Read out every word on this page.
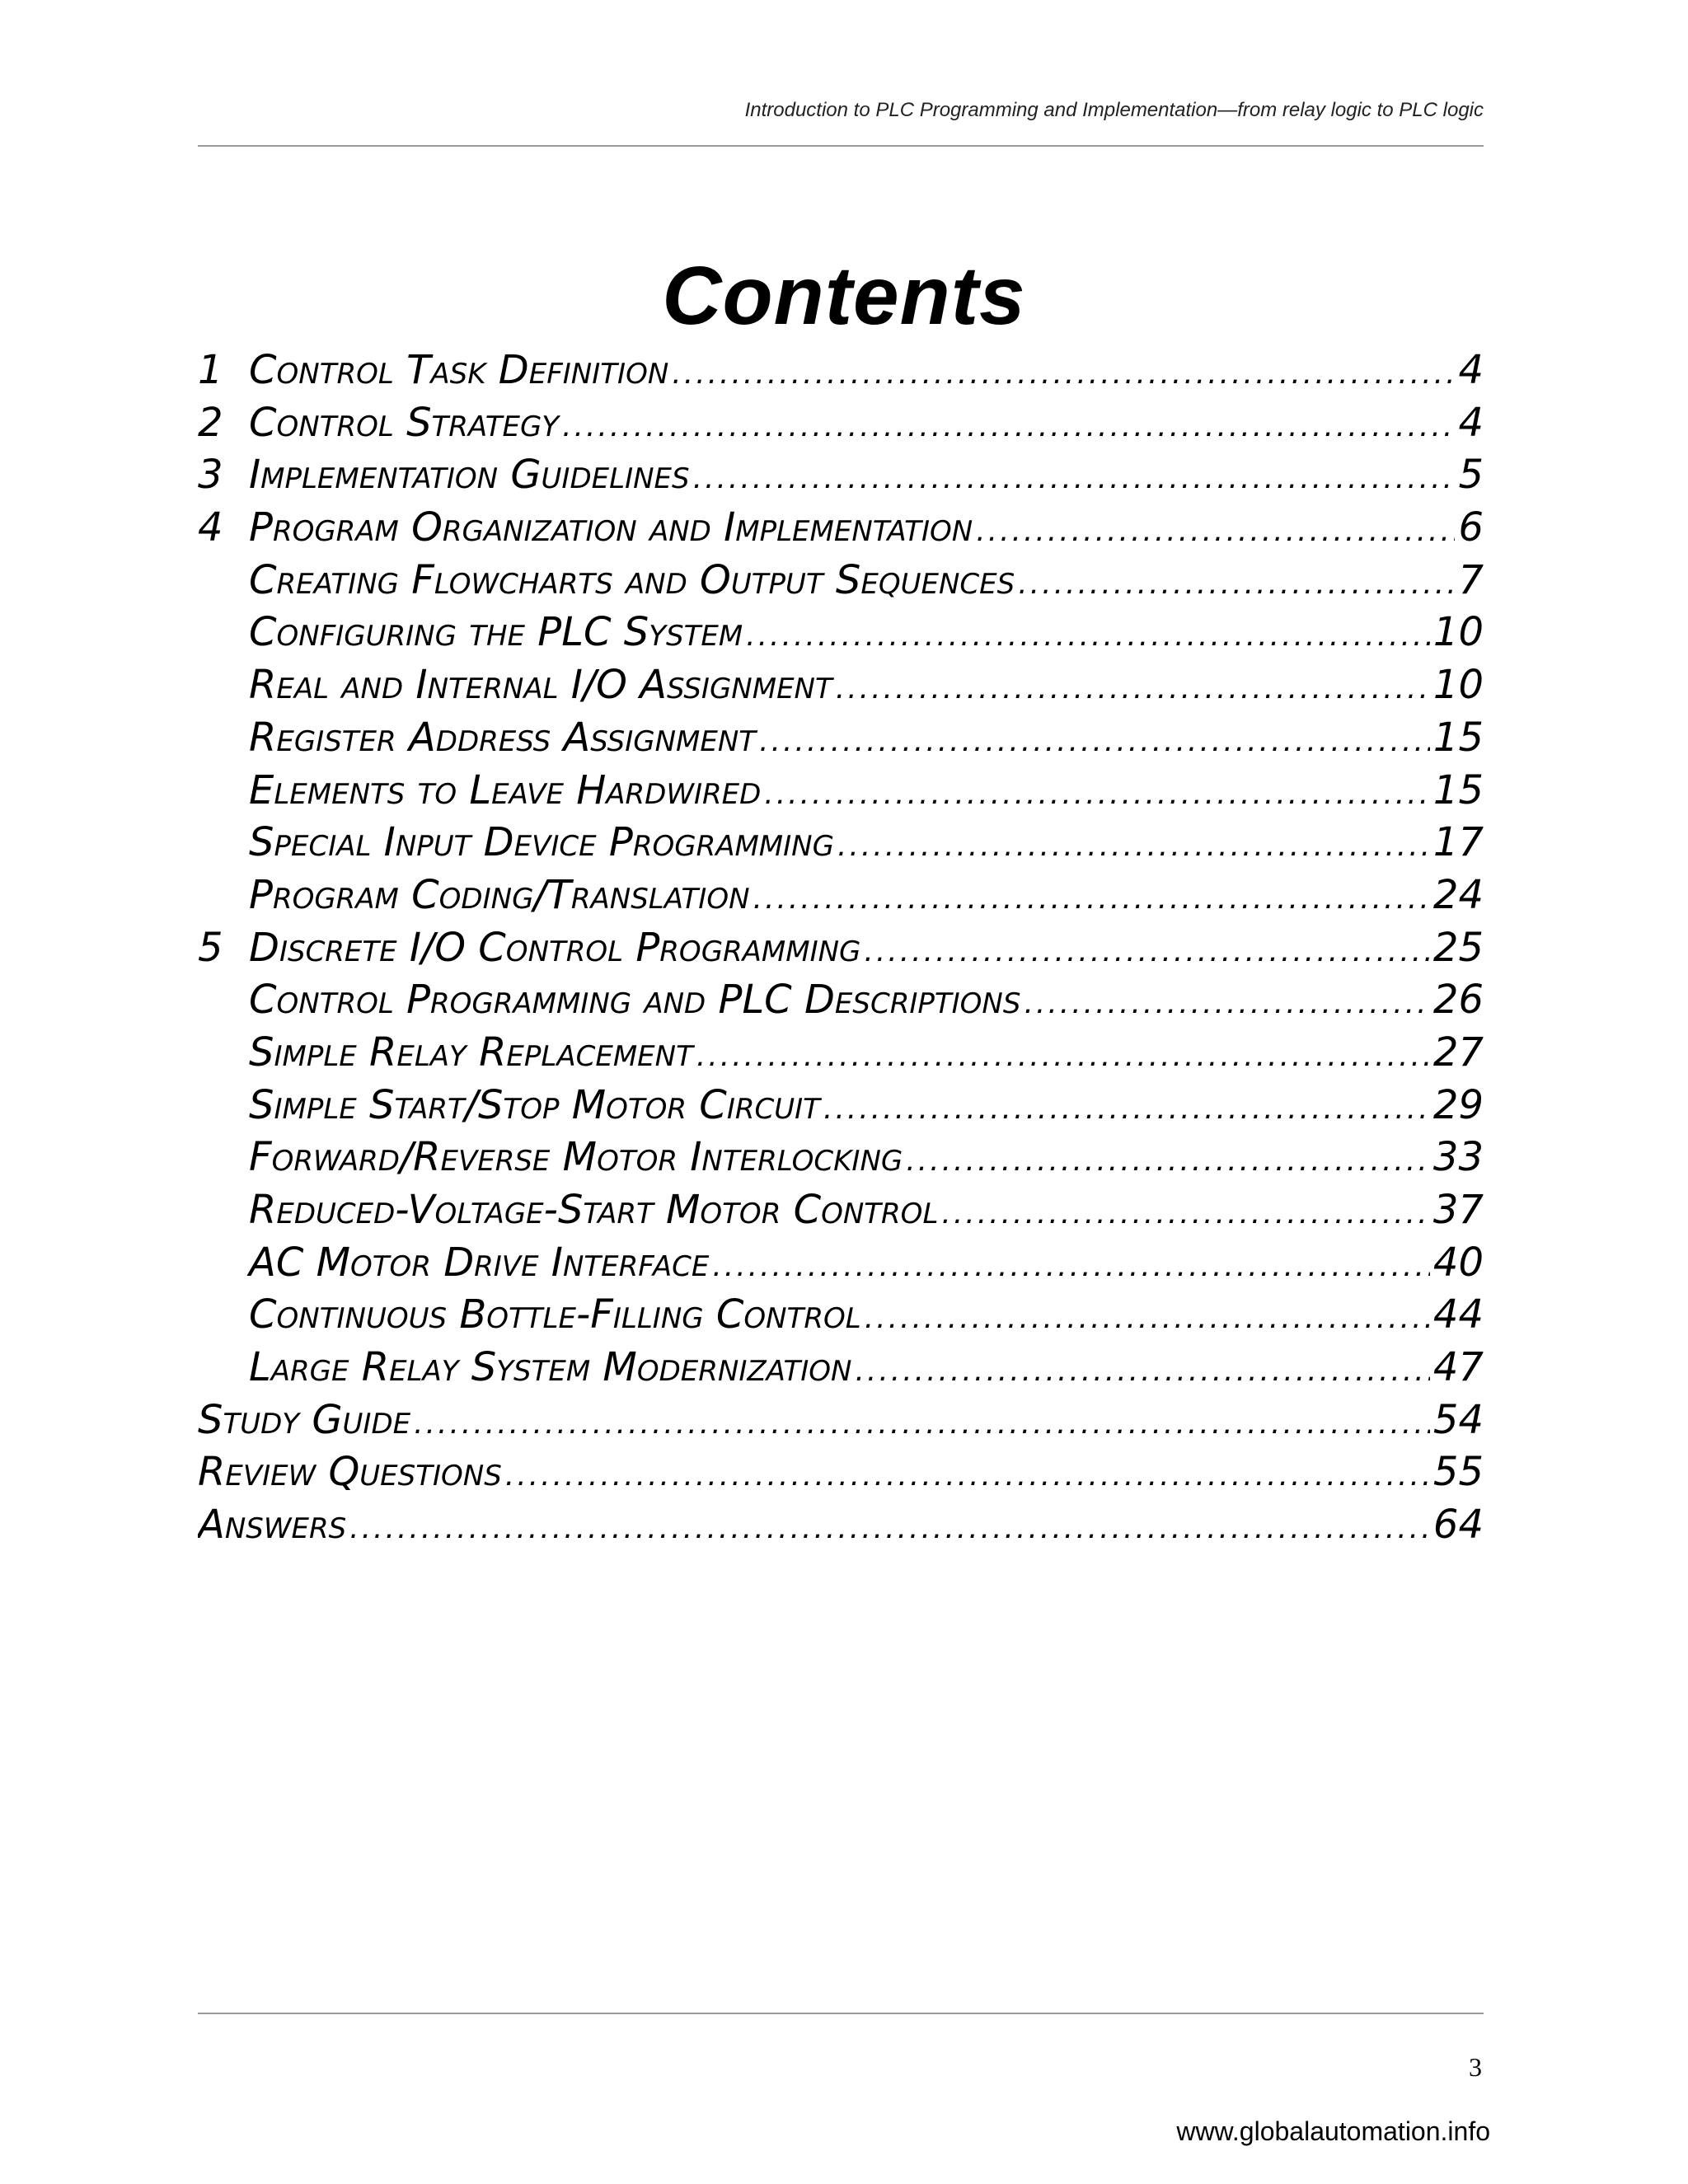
Introduction to PLC Programming and Implementation—from relay logic to PLC logic
Contents
1 Control Task Definition .....	4
2 Control Strategy .....	4
3 Implementation Guidelines .....	5
4 Program Organization and Implementation .....	6
Creating Flowcharts and Output Sequences .....	7
Configuring the PLC System .....	10
Real and Internal I/O Assignment .....	10
Register Address Assignment .....	15
Elements to Leave Hardwired .....	15
Special Input Device Programming .....	17
Program Coding/Translation .....	24
5 Discrete I/O Control Programming .....	25
Control Programming and PLC Descriptions .....	26
Simple Relay Replacement .....	27
Simple Start/Stop Motor Circuit .....	29
Forward/Reverse Motor Interlocking .....	33
Reduced-Voltage-Start Motor Control .....	37
AC Motor Drive Interface .....	40
Continuous Bottle-Filling Control .....	44
Large Relay System Modernization .....	47
Study Guide .....	54
Review Questions .....	55
Answers .....	64
3
www.globalautomation.info
